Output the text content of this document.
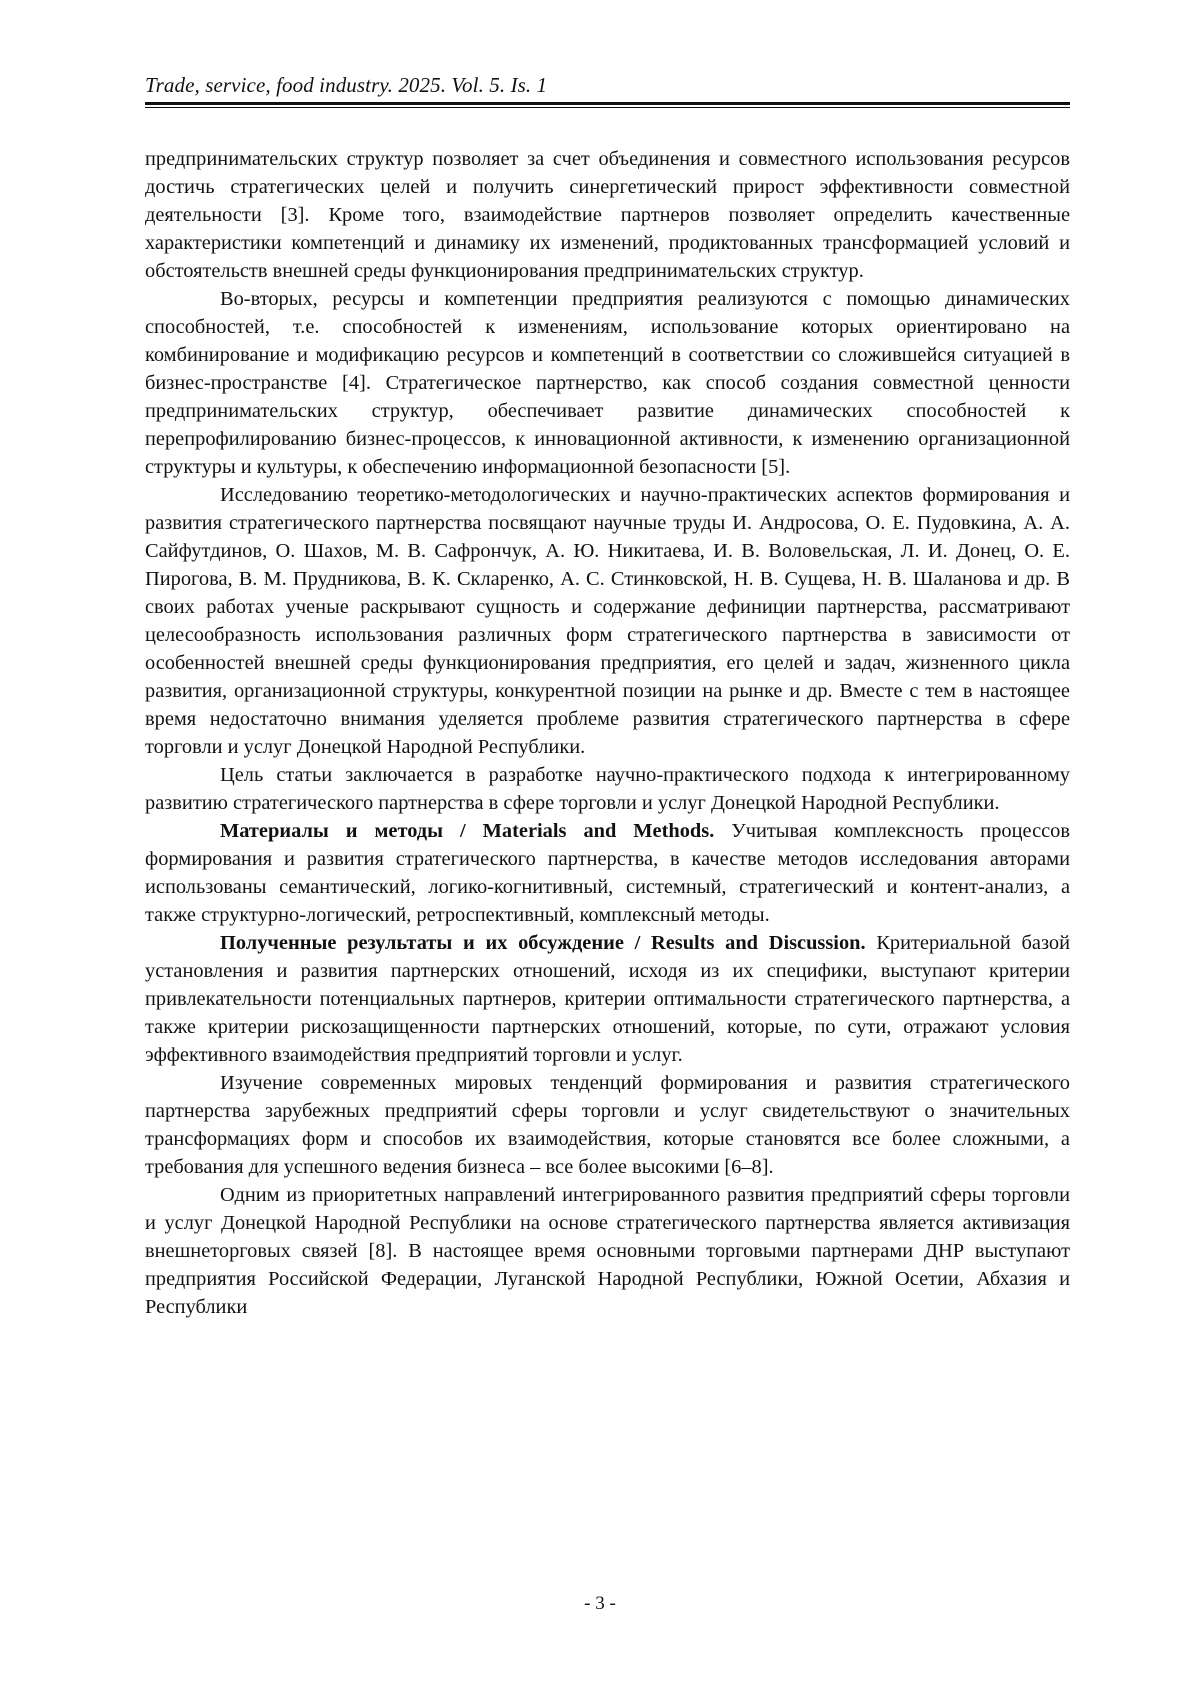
Trade, service, food industry. 2025. Vol. 5. Is. 1

предпринимательских структур позволяет за счет объединения и совместного использования ресурсов достичь стратегических целей и получить синергетический прирост эффективности совместной деятельности [3]. Кроме того, взаимодействие партнеров позволяет определить качественные характеристики компетенций и динамику их изменений, продиктованных трансформацией условий и обстоятельств внешней среды функционирования предпринимательских структур.

Во-вторых, ресурсы и компетенции предприятия реализуются с помощью динамических способностей, т.е. способностей к изменениям, использование которых ориентировано на комбинирование и модификацию ресурсов и компетенций в соответствии со сложившейся ситуацией в бизнес-пространстве [4]. Стратегическое партнерство, как способ создания совместной ценности предпринимательских структур, обеспечивает развитие динамических способностей к перепрофилированию бизнес-процессов, к инновационной активности, к изменению организационной структуры и культуры, к обеспечению информационной безопасности [5].

Исследованию теоретико-методологических и научно-практических аспектов формирования и развития стратегического партнерства посвящают научные труды И. Андросова, О. Е. Пудовкина, А. А. Сайфутдинов, О. Шахов, М. В. Сафрончук, А. Ю. Никитаева, И. В. Воловельская, Л. И. Донец, О. Е. Пирогова, В. М. Прудникова, В. К. Скларенко, А. С. Стинковской, Н. В. Сущева, Н. В. Шаланова и др. В своих работах ученые раскрывают сущность и содержание дефиниции партнерства, рассматривают целесообразность использования различных форм стратегического партнерства в зависимости от особенностей внешней среды функционирования предприятия, его целей и задач, жизненного цикла развития, организационной структуры, конкурентной позиции на рынке и др. Вместе с тем в настоящее время недостаточно внимания уделяется проблеме развития стратегического партнерства в сфере торговли и услуг Донецкой Народной Республики.

Цель статьи заключается в разработке научно-практического подхода к интегрированному развитию стратегического партнерства в сфере торговли и услуг Донецкой Народной Республики.

Материалы и методы / Materials and Methods. Учитывая комплексность процессов формирования и развития стратегического партнерства, в качестве методов исследования авторами использованы семантический, логико-когнитивный, системный, стратегический и контент-анализ, а также структурно-логический, ретроспективный, комплексный методы.

Полученные результаты и их обсуждение / Results and Discussion. Критериальной базой установления и развития партнерских отношений, исходя из их специфики, выступают критерии привлекательности потенциальных партнеров, критерии оптимальности стратегического партнерства, а также критерии рискозащищенности партнерских отношений, которые, по сути, отражают условия эффективного взаимодействия предприятий торговли и услуг.

Изучение современных мировых тенденций формирования и развития стратегического партнерства зарубежных предприятий сферы торговли и услуг свидетельствуют о значительных трансформациях форм и способов их взаимодействия, которые становятся все более сложными, а требования для успешного ведения бизнеса – все более высокими [6–8].

Одним из приоритетных направлений интегрированного развития предприятий сферы торговли и услуг Донецкой Народной Республики на основе стратегического партнерства является активизация внешнеторговых связей [8]. В настоящее время основными торговыми партнерами ДНР выступают предприятия Российской Федерации, Луганской Народной Республики, Южной Осетии, Абхазия и Республики

- 3 -
